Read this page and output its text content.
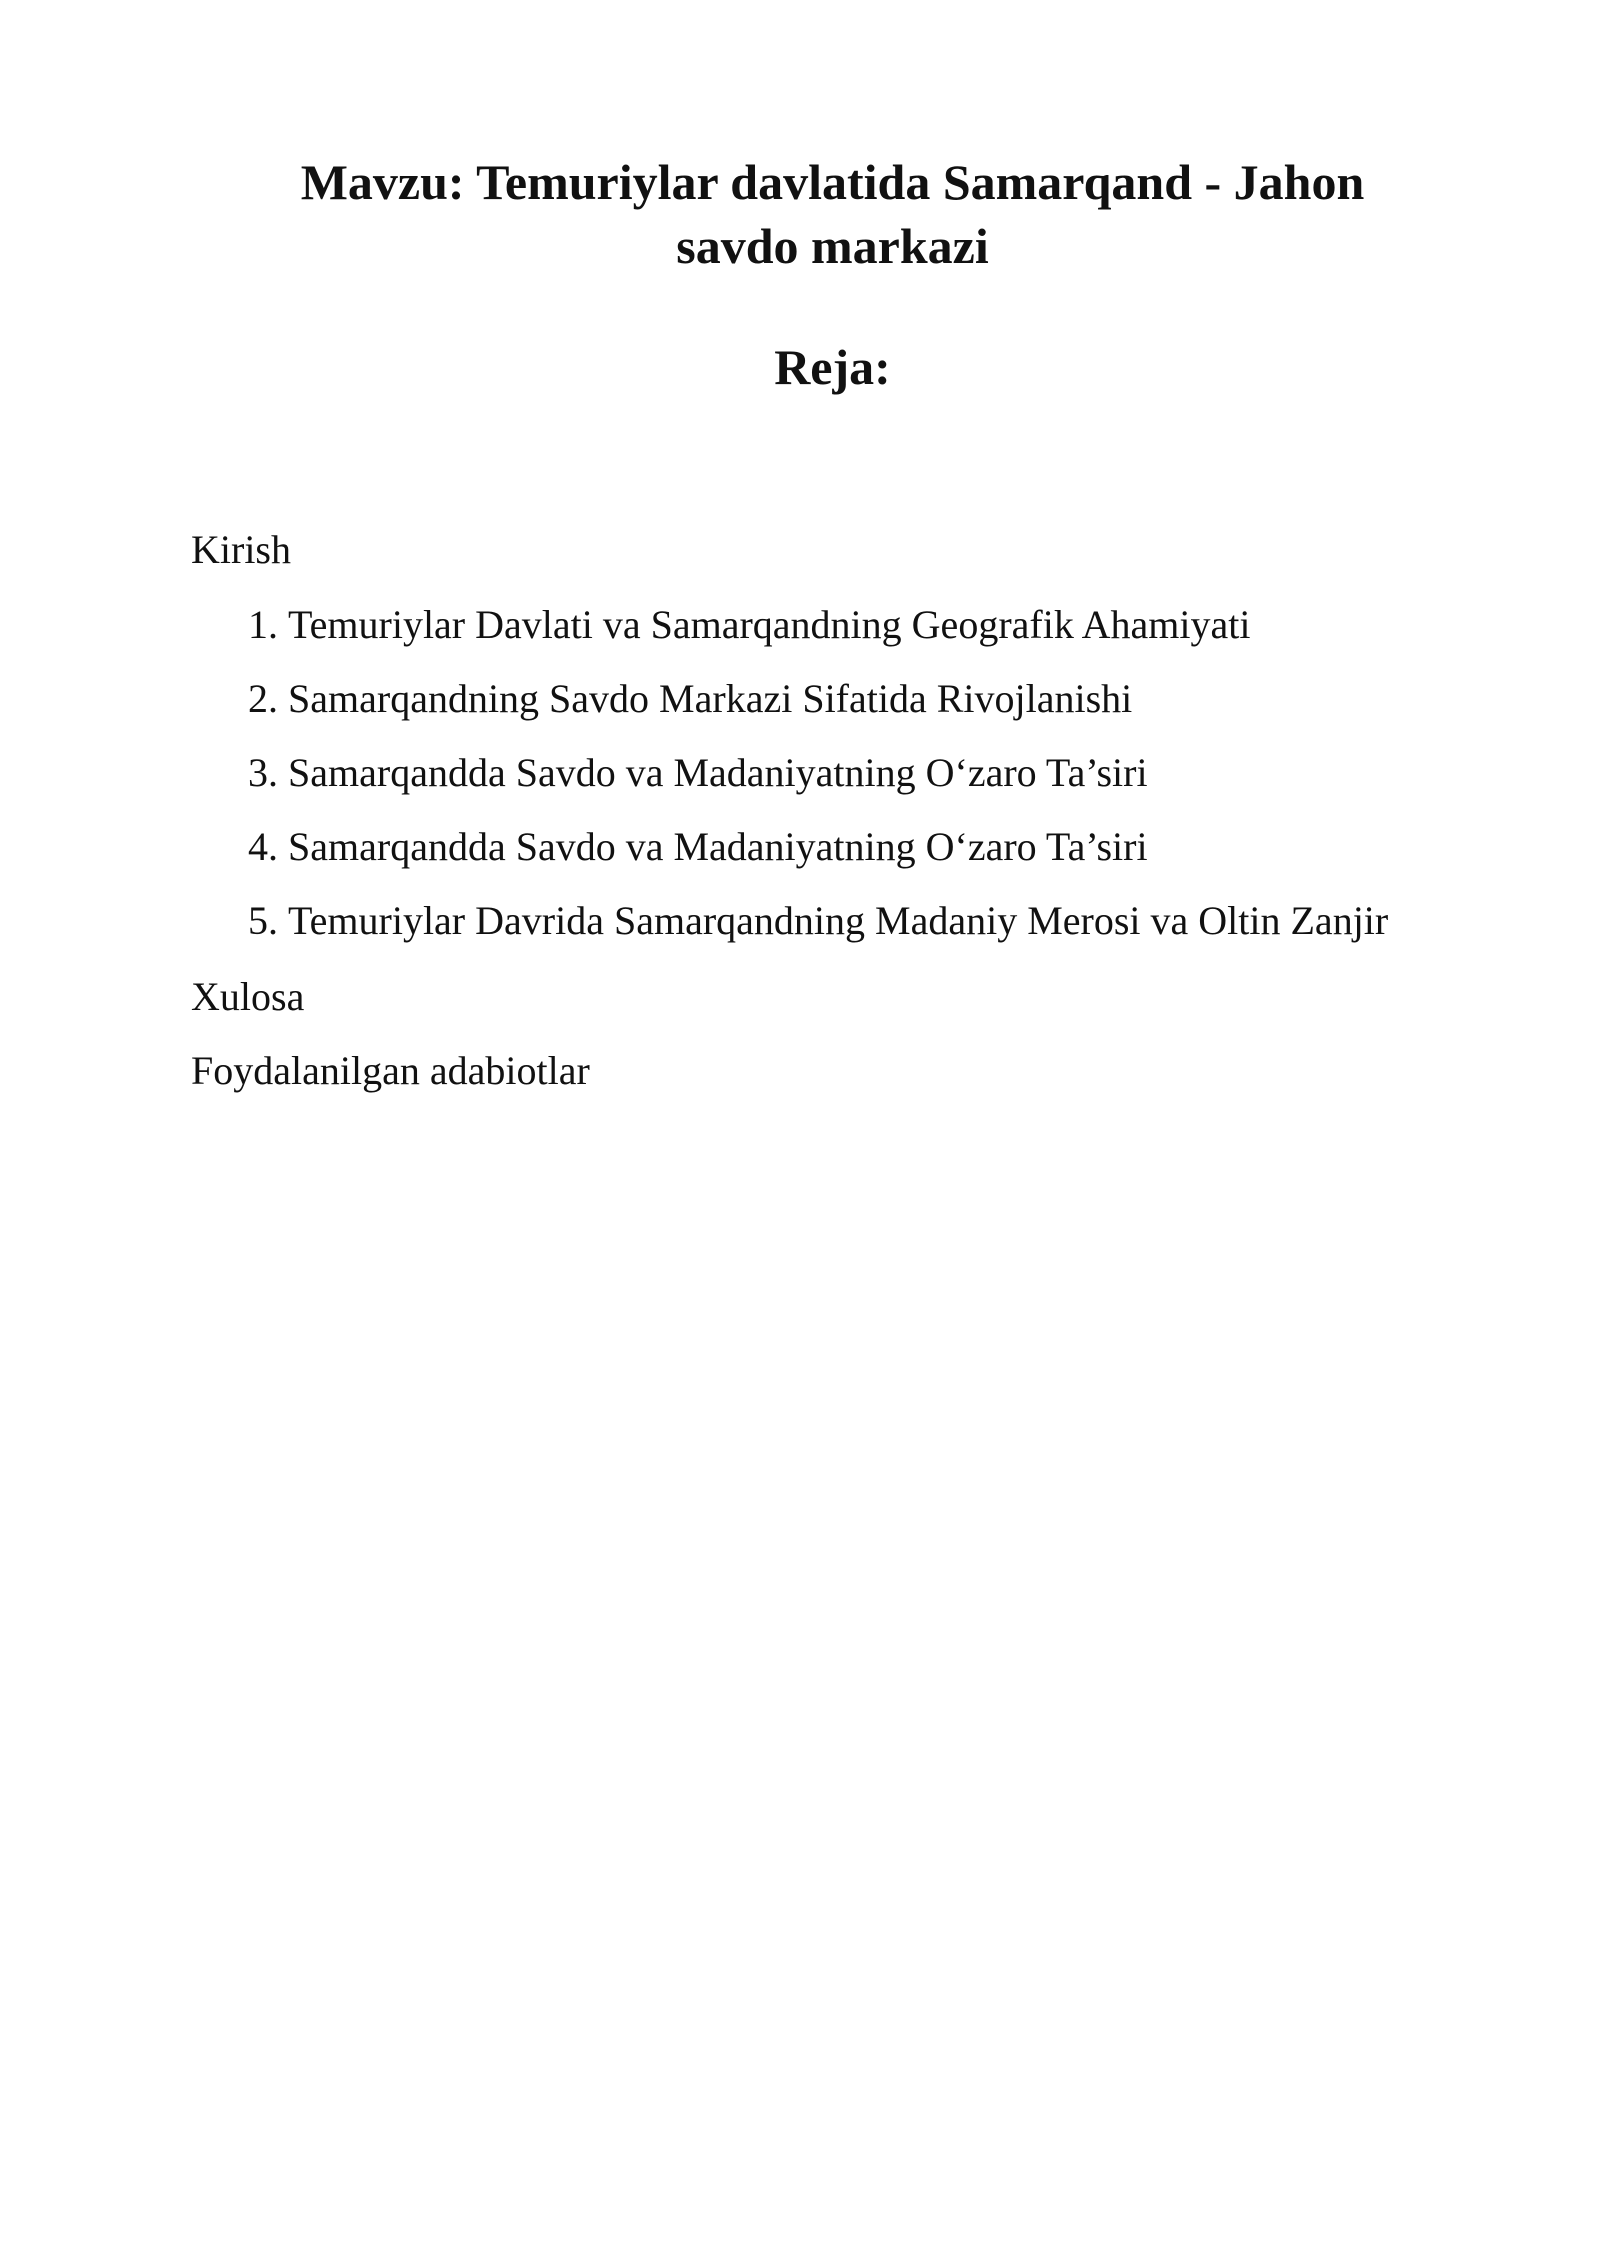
Mavzu: Temuriylar davlatida Samarqand - Jahon savdo markazi
Reja:

Kirish

1. Temuriylar Davlati va Samarqandning Geografik Ahamiyati
2. Samarqandning Savdo Markazi Sifatida Rivojlanishi
3. Samarqandda Savdo va Madaniyatning O‘zaro Ta’siri
4. Samarqandda Savdo va Madaniyatning O‘zaro Ta’siri
5. Temuriylar Davrida Samarqandning Madaniy Merosi va Oltin Zanjir

Xulosa

Foydalanilgan adabiotlar
